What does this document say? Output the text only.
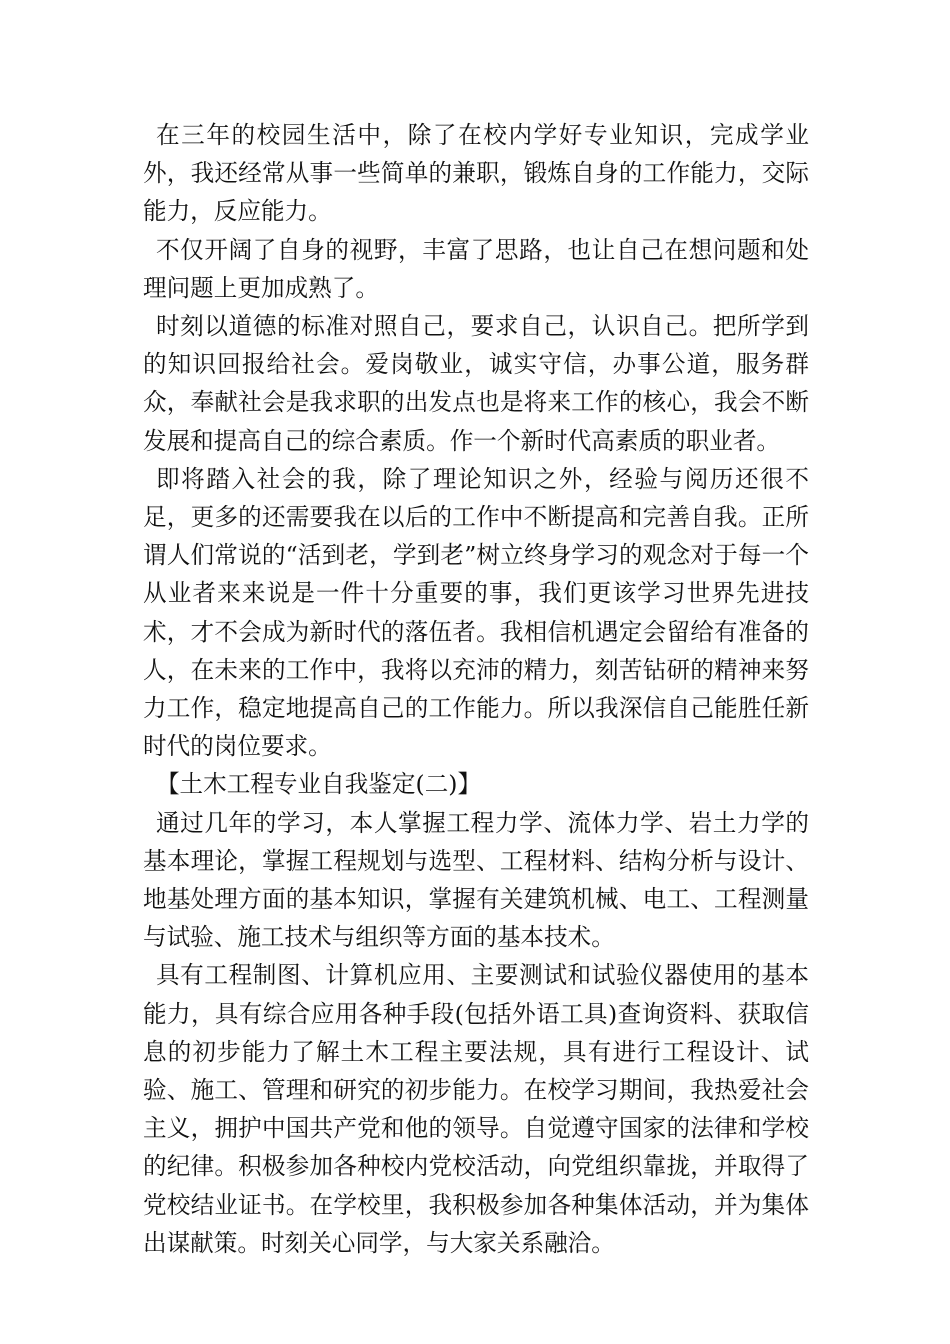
在三年的校园生活中，除了在校内学好专业知识，完成学业外，我还经常从事一些简单的兼职，锻炼自身的工作能力，交际能力，反应能力。

不仅开阔了自身的视野，丰富了思路，也让自己在想问题和处理问题上更加成熟了。

时刻以道德的标准对照自己，要求自己，认识自己。把所学到的知识回报给社会。爱岗敬业，诚实守信，办事公道，服务群众，奉献社会是我求职的出发点也是将来工作的核心，我会不断发展和提高自己的综合素质。作一个新时代高素质的职业者。

即将踏入社会的我，除了理论知识之外，经验与阅历还很不足，更多的还需要我在以后的工作中不断提高和完善自我。正所谓人们常说的“活到老，学到老”树立终身学习的观念对于每一个从业者来来说是一件十分重要的事，我们更该学习世界先进技术，才不会成为新时代的落伍者。我相信机遇定会留给有准备的人，在未来的工作中，我将以充沛的精力，刻苦钻研的精神来努力工作，稳定地提高自己的工作能力。所以我深信自己能胜任新时代的岗位要求。

【土木工程专业自我鉴定(二)】

通过几年的学习，本人掌握工程力学、流体力学、岩土力学的基本理论，掌握工程规划与选型、工程材料、结构分析与设计、地基处理方面的基本知识，掌握有关建筑机械、电工、工程测量与试验、施工技术与组织等方面的基本技术。

具有工程制图、计算机应用、主要测试和试验仪器使用的基本能力，具有综合应用各种手段(包括外语工具)查询资料、获取信息的初步能力了解土木工程主要法规，具有进行工程设计、试验、施工、管理和研究的初步能力。在校学习期间，我热爱社会主义，拥护中国共产党和他的领导。自觉遵守国家的法律和学校的纪律。积极参加各种校内党校活动，向党组织靠拢，并取得了党校结业证书。在学校里，我积极参加各种集体活动，并为集体出谋献策。时刻关心同学，与大家关系融洽。
